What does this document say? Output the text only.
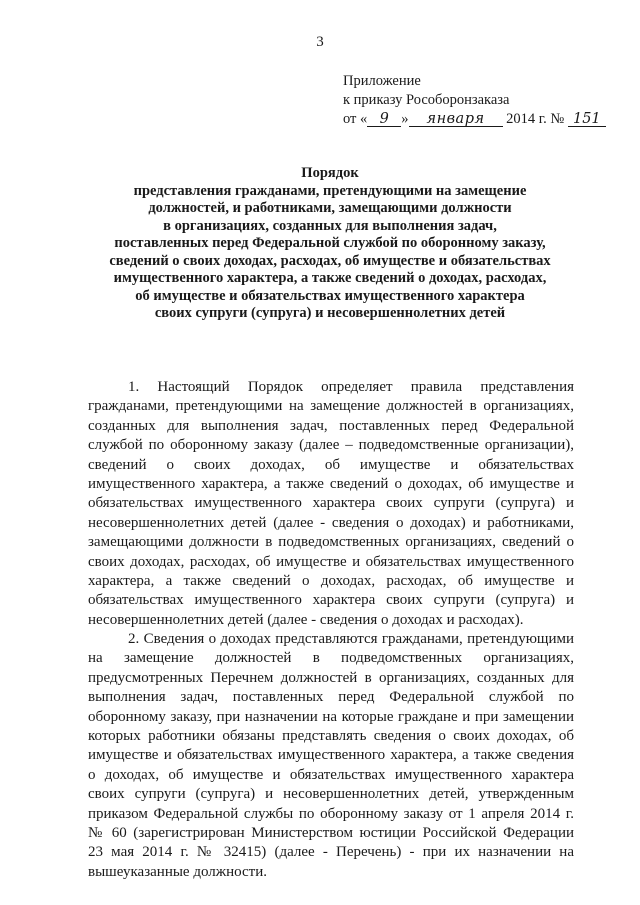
3
Приложение
к приказу Рособоронзаказа
от « 9 » января 2014 г. № 151
Порядок
представления гражданами, претендующими на замещение
должностей, и работниками, замещающими должности
в организациях, созданных для выполнения задач,
поставленных перед Федеральной службой по оборонному заказу,
сведений о своих доходах, расходах, об имуществе и обязательствах
имущественного характера, а также сведений о доходах, расходах,
об имуществе и обязательствах имущественного характера
своих супруги (супруга) и несовершеннолетних детей
1. Настоящий Порядок определяет правила представления
гражданами, претендующими на замещение должностей в организациях,
созданных для выполнения задач, поставленных перед Федеральной
службой по оборонному заказу (далее – подведомственные организации),
сведений о своих доходах, об имуществе и обязательствах
имущественного характера, а также сведений о доходах, об имуществе и
обязательствах имущественного характера своих супруги (супруга) и
несовершеннолетних детей (далее - сведения о доходах) и работниками,
замещающими должности в подведомственных организациях, сведений о
своих доходах, расходах, об имуществе и обязательствах имущественного
характера, а также сведений о доходах, расходах, об имуществе и
обязательствах имущественного характера своих супруги (супруга) и
несовершеннолетних детей (далее - сведения о доходах и расходах).
2. Сведения о доходах представляются гражданами, претендующими
на замещение должностей в подведомственных организациях,
предусмотренных Перечнем должностей в организациях, созданных для
выполнения задач, поставленных перед Федеральной службой по
оборонному заказу, при назначении на которые граждане и при замещении
которых работники обязаны представлять сведения о своих доходах, об
имуществе и обязательствах имущественного характера, а также сведения
о доходах, об имуществе и обязательствах имущественного характера
своих супруги (супруга) и несовершеннолетних детей, утвержденным
приказом Федеральной службы по оборонному заказу от 1 апреля 2014 г.
№ 60 (зарегистрирован Министерством юстиции Российской Федерации
23 мая 2014 г. № 32415) (далее - Перечень) - при их назначении на
вышеуказанные должности.
